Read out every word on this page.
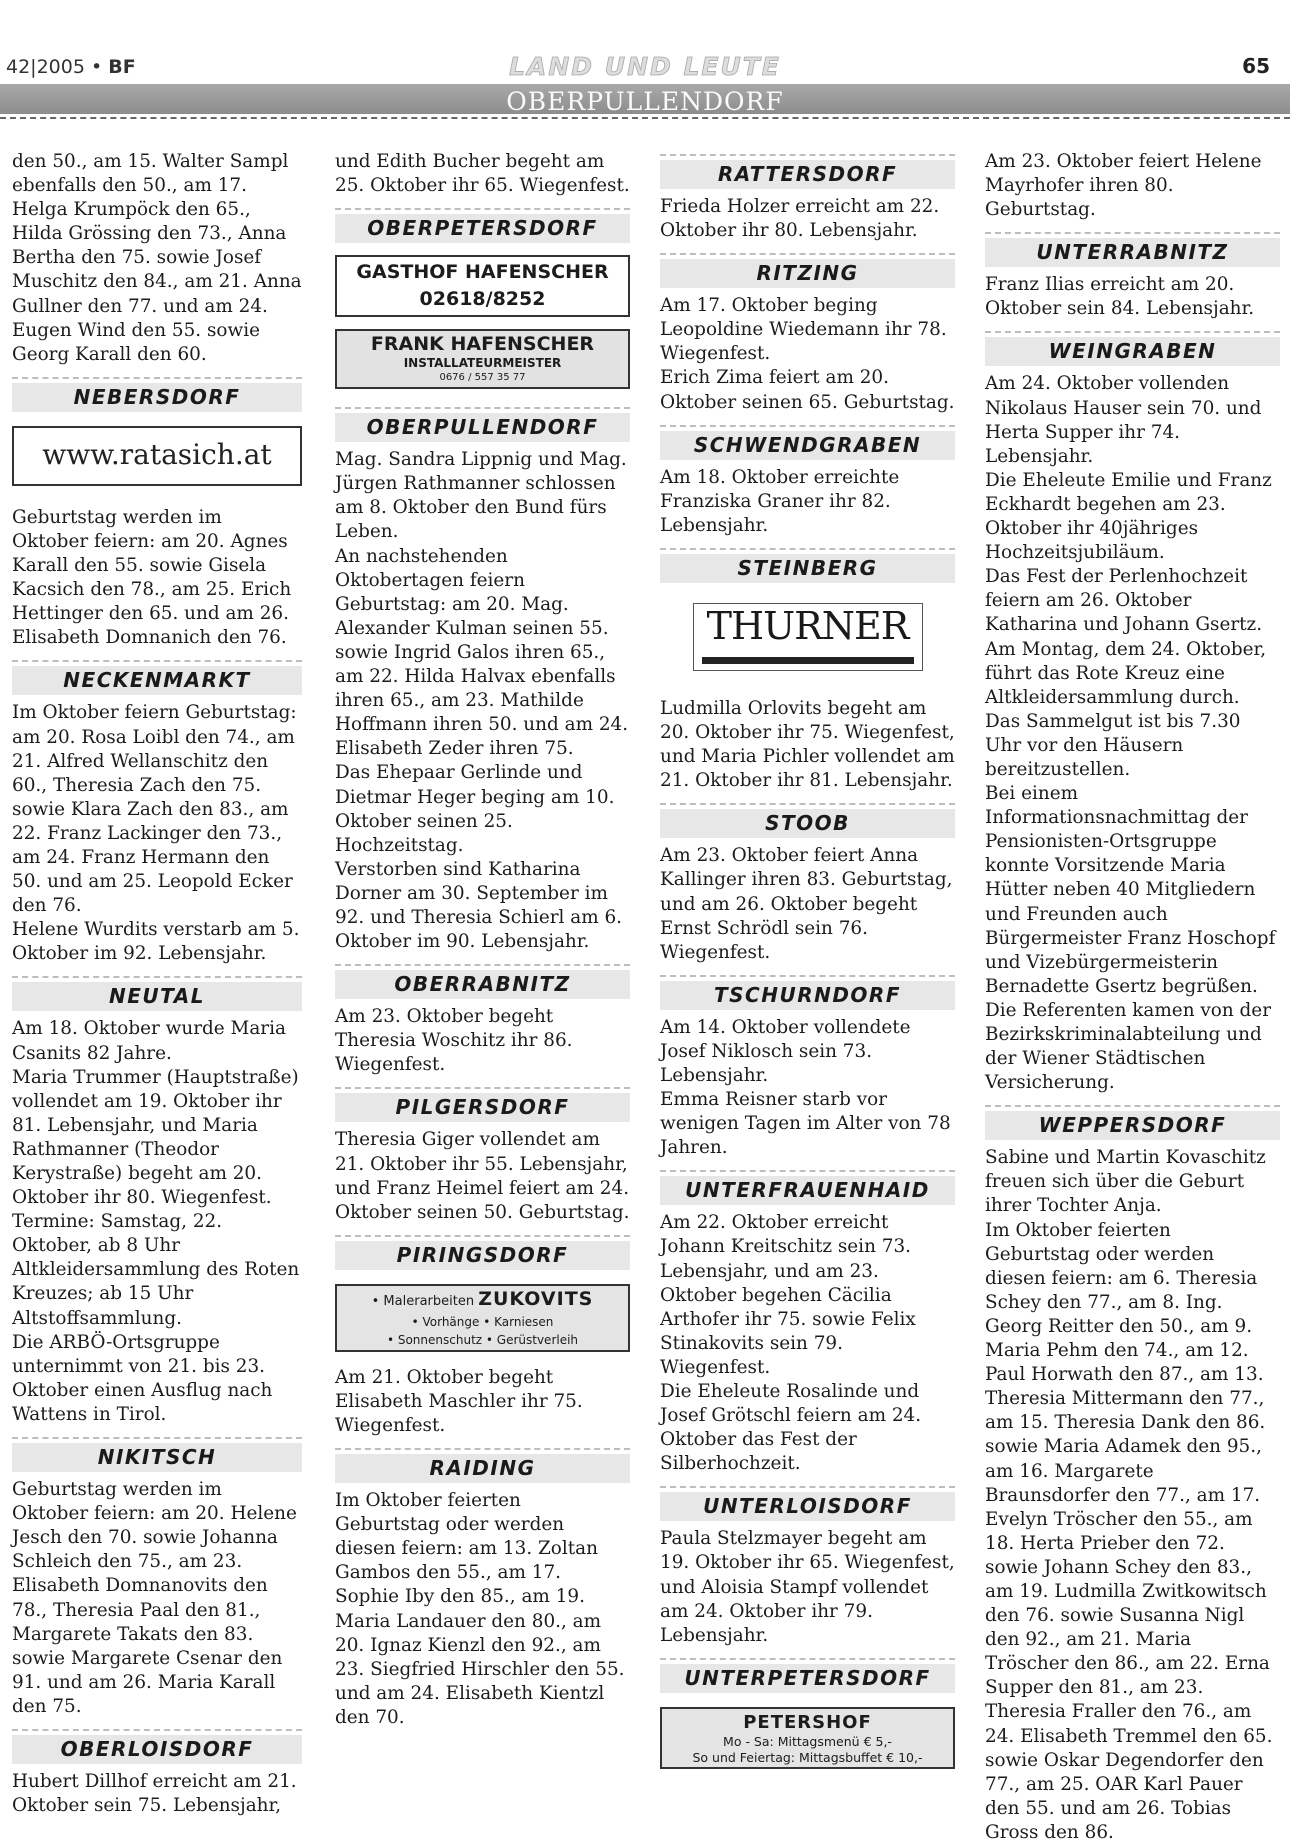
42|2005 • BF	LAND UND LEUTE	65
OBERPULLENDORF

den 50., am 15. Walter Sampl ebenfalls den 50., am 17. Helga Krumpöck den 65., Hilda Grössing den 73., Anna Bertha den 75. sowie Josef Muschitz den 84., am 21. Anna Gullner den 77. und am 24. Eugen Wind den 55. sowie Georg Karall den 60.

NEBERSDORF
www.ratasich.at

Geburtstag werden im Oktober feiern: am 20. Agnes Karall den 55. sowie Gisela Kacsich den 78., am 25. Erich Hettinger den 65. und am 26. Elisabeth Domnanich den 76.

NECKENMARKT

Im Oktober feiern Geburtstag: am 20. Rosa Loibl den 74., am 21. Alfred Wellanschitz den 60., Theresia Zach den 75. sowie Klara Zach den 83., am 22. Franz Lackinger den 73., am 24. Franz Hermann den 50. und am 25. Leopold Ecker den 76.

Helene Wurdits verstarb am 5. Oktober im 92. Lebensjahr.

NEUTAL

Am 18. Oktober wurde Maria Csanits 82 Jahre.

Maria Trummer (Hauptstraße) vollendet am 19. Oktober ihr 81. Lebensjahr, und Maria Rathmanner (Theodor Kerystraße) begeht am 20. Oktober ihr 80. Wiegenfest.

Termine: Samstag, 22. Oktober, ab 8 Uhr Altkleidersammlung des Roten Kreuzes; ab 15 Uhr Altstoffsammlung.

Die ARBÖ-Ortsgruppe unternimmt von 21. bis 23. Oktober einen Ausflug nach Wattens in Tirol.

NIKITSCH

Geburtstag werden im Oktober feiern: am 20. Helene Jesch den 70. sowie Johanna Schleich den 75., am 23. Elisabeth Domnanovits den 78., Theresia Paal den 81., Margarete Takats den 83. sowie Margarete Csenar den 91. und am 26. Maria Karall den 75.

OBERLOISDORF

Hubert Dillhof erreicht am 21. Oktober sein 75. Lebensjahr,

und Edith Bucher begeht am 25. Oktober ihr 65. Wiegenfest.

OBERPETERSDORF
GASTHOF HAFENSCHER
02618/8252
FRANK HAFENSCHER
INSTALLATEURMEISTER
0676 / 557 35 77
OBERPULLENDORF

Mag. Sandra Lippnig und Mag. Jürgen Rathmanner schlossen am 8. Oktober den Bund fürs Leben.

An nachstehenden Oktobertagen feiern Geburtstag: am 20. Mag. Alexander Kulman seinen 55. sowie Ingrid Galos ihren 65., am 22. Hilda Halvax ebenfalls ihren 65., am 23. Mathilde Hoffmann ihren 50. und am 24. Elisabeth Zeder ihren 75.

Das Ehepaar Gerlinde und Dietmar Heger beging am 10. Oktober seinen 25. Hochzeitstag.

Verstorben sind Katharina Dorner am 30. September im 92. und Theresia Schierl am 6. Oktober im 90. Lebensjahr.

OBERRABNITZ

Am 23. Oktober begeht Theresia Woschitz ihr 86. Wiegenfest.

PILGERSDORF

Theresia Giger vollendet am 21. Oktober ihr 55. Lebensjahr, und Franz Heimel feiert am 24. Oktober seinen 50. Geburtstag.

PIRINGSDORF
• Malerarbeiten ZUKOVITS
• Vorhänge • Karniesen
• Sonnenschutz • Gerüstverleih

Am 21. Oktober begeht Elisabeth Maschler ihr 75. Wiegenfest.

RAIDING

Im Oktober feierten Geburtstag oder werden diesen feiern: am 13. Zoltan Gambos den 55., am 17. Sophie Iby den 85., am 19. Maria Landauer den 80., am 20. Ignaz Kienzl den 92., am 23. Siegfried Hirschler den 55. und am 24. Elisabeth Kientzl den 70.

RATTERSDORF

Frieda Holzer erreicht am 22. Oktober ihr 80. Lebensjahr.

RITZING

Am 17. Oktober beging Leopoldine Wiedemann ihr 78. Wiegenfest.

Erich Zima feiert am 20. Oktober seinen 65. Geburtstag.

SCHWENDGRABEN

Am 18. Oktober erreichte Franziska Graner ihr 82. Lebensjahr.

STEINBERG
THURNER

Ludmilla Orlovits begeht am 20. Oktober ihr 75. Wiegenfest, und Maria Pichler vollendet am 21. Oktober ihr 81. Lebensjahr.

STOOB

Am 23. Oktober feiert Anna Kallinger ihren 83. Geburtstag, und am 26. Oktober begeht Ernst Schrödl sein 76. Wiegenfest.

TSCHURNDORF

Am 14. Oktober vollendete Josef Niklosch sein 73. Lebensjahr.

Emma Reisner starb vor wenigen Tagen im Alter von 78 Jahren.

UNTERFRAUENHAID

Am 22. Oktober erreicht Johann Kreitschitz sein 73. Lebensjahr, und am 23. Oktober begehen Cäcilia Arthofer ihr 75. sowie Felix Stinakovits sein 79. Wiegenfest.

Die Eheleute Rosalinde und Josef Grötschl feiern am 24. Oktober das Fest der Silberhochzeit.

UNTERLOISDORF

Paula Stelzmayer begeht am 19. Oktober ihr 65. Wiegenfest, und Aloisia Stampf vollendet am 24. Oktober ihr 79. Lebensjahr.

UNTERPETERSDORF
PETERSHOF
Mo - Sa: Mittagsmenü € 5,-
So und Feiertag: Mittagsbuffet € 10,-

Am 23. Oktober feiert Helene Mayrhofer ihren 80. Geburtstag.

UNTERRABNITZ

Franz Ilias erreicht am 20. Oktober sein 84. Lebensjahr.

WEINGRABEN

Am 24. Oktober vollenden Nikolaus Hauser sein 70. und Herta Supper ihr 74. Lebensjahr.

Die Eheleute Emilie und Franz Eckhardt begehen am 23. Oktober ihr 40jähriges Hochzeitsjubiläum.

Das Fest der Perlenhochzeit feiern am 26. Oktober Katharina und Johann Gsertz.

Am Montag, dem 24. Oktober, führt das Rote Kreuz eine Altkleidersammlung durch. Das Sammelgut ist bis 7.30 Uhr vor den Häusern bereitzustellen.

Bei einem Informationsnachmittag der Pensionisten-Ortsgruppe konnte Vorsitzende Maria Hütter neben 40 Mitgliedern und Freunden auch Bürgermeister Franz Hoschopf und Vizebürgermeisterin Bernadette Gsertz begrüßen. Die Referenten kamen von der Bezirkskriminalabteilung und der Wiener Städtischen Versicherung.

WEPPERSDORF

Sabine und Martin Kovaschitz freuen sich über die Geburt ihrer Tochter Anja.

Im Oktober feierten Geburtstag oder werden diesen feiern: am 6. Theresia Schey den 77., am 8. Ing. Georg Reitter den 50., am 9. Maria Pehm den 74., am 12. Paul Horwath den 87., am 13. Theresia Mittermann den 77., am 15. Theresia Dank den 86. sowie Maria Adamek den 95., am 16. Margarete Braunsdorfer den 77., am 17. Evelyn Tröscher den 55., am 18. Herta Prieber den 72. sowie Johann Schey den 83., am 19. Ludmilla Zwitkowitsch den 76. sowie Susanna Nigl den 92., am 21. Maria Tröscher den 86., am 22. Erna Supper den 81., am 23. Theresia Fraller den 76., am 24. Elisabeth Tremmel den 65. sowie Oskar Degendorfer den 77., am 25. OAR Karl Pauer den 55. und am 26. Tobias Gross den 86.
